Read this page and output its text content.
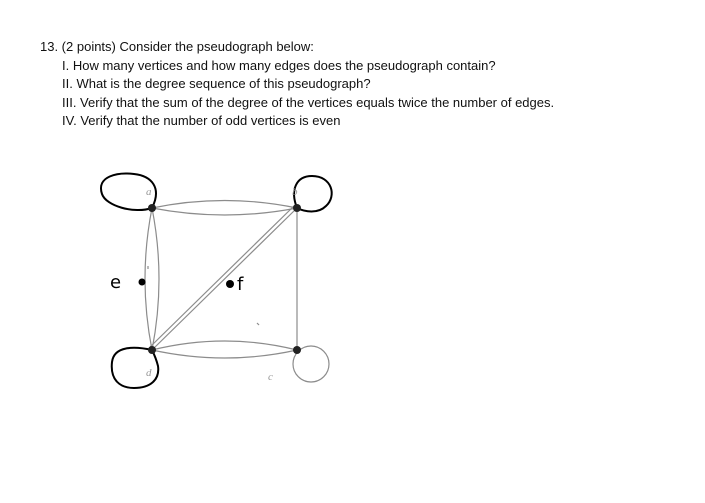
13. (2 points) Consider the pseudograph below:

I. How many vertices and how many edges does the pseudograph contain?
II. What is the degree sequence of this pseudograph?
III. Verify that the sum of the degree of the vertices equals twice the number of edges.
IV. Verify that the number of odd vertices is even
a	b
c
d
e	f
